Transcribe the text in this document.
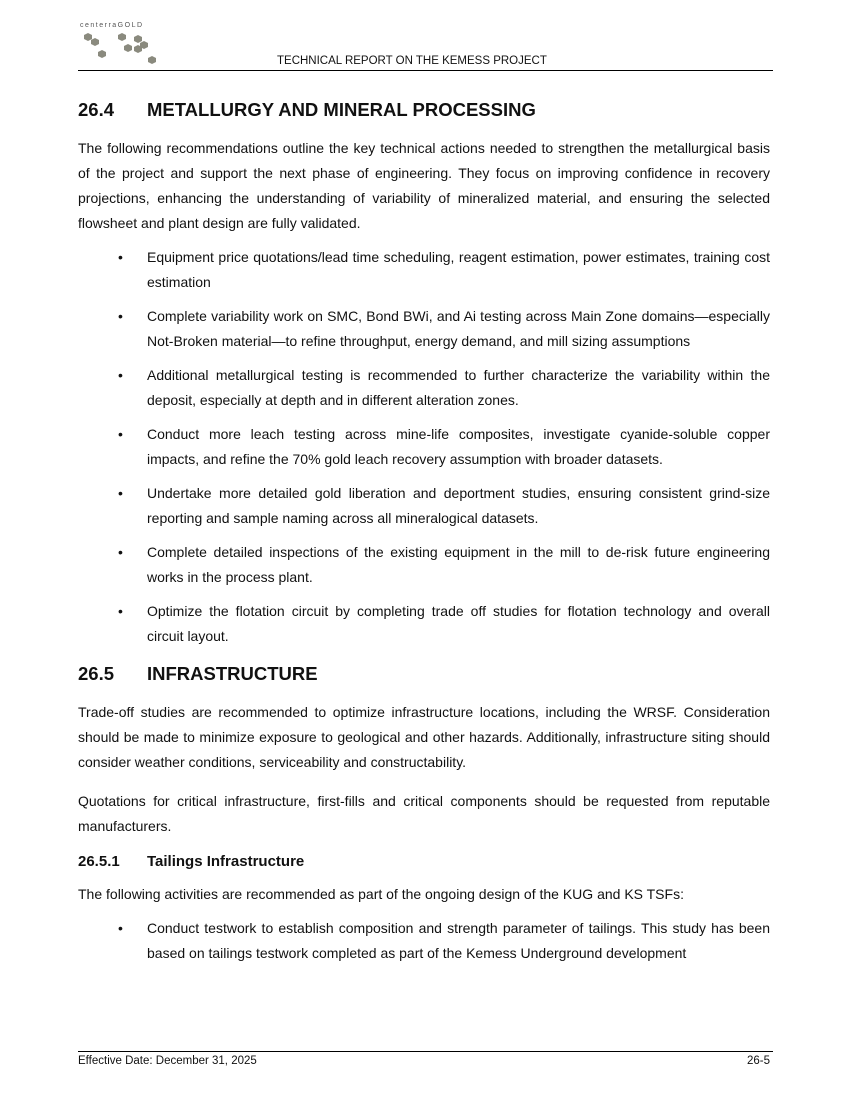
centerraGOLD
TECHNICAL REPORT ON THE KEMESS PROJECT
26.4	METALLURGY AND MINERAL PROCESSING

The following recommendations outline the key technical actions needed to strengthen the metallurgical basis of the project and support the next phase of engineering. They focus on improving confidence in recovery projections, enhancing the understanding of variability of mineralized material, and ensuring the selected flowsheet and plant design are fully validated.

• Equipment price quotations/lead time scheduling, reagent estimation, power estimates, training cost estimation
• Complete variability work on SMC, Bond BWi, and Ai testing across Main Zone domains—especially Not-Broken material—to refine throughput, energy demand, and mill sizing assumptions
• Additional metallurgical testing is recommended to further characterize the variability within the deposit, especially at depth and in different alteration zones.
• Conduct more leach testing across mine-life composites, investigate cyanide-soluble copper impacts, and refine the 70% gold leach recovery assumption with broader datasets.
• Undertake more detailed gold liberation and deportment studies, ensuring consistent grind-size reporting and sample naming across all mineralogical datasets.
• Complete detailed inspections of the existing equipment in the mill to de-risk future engineering works in the process plant.
• Optimize the flotation circuit by completing trade off studies for flotation technology and overall circuit layout.
26.5	INFRASTRUCTURE

Trade-off studies are recommended to optimize infrastructure locations, including the WRSF. Consideration should be made to minimize exposure to geological and other hazards. Additionally, infrastructure siting should consider weather conditions, serviceability and constructability.

Quotations for critical infrastructure, first-fills and critical components should be requested from reputable manufacturers.

26.5.1	Tailings Infrastructure

The following activities are recommended as part of the ongoing design of the KUG and KS TSFs:

• Conduct testwork to establish composition and strength parameter of tailings. This study has been based on tailings testwork completed as part of the Kemess Underground development
Effective Date: December 31, 2025	26-5
